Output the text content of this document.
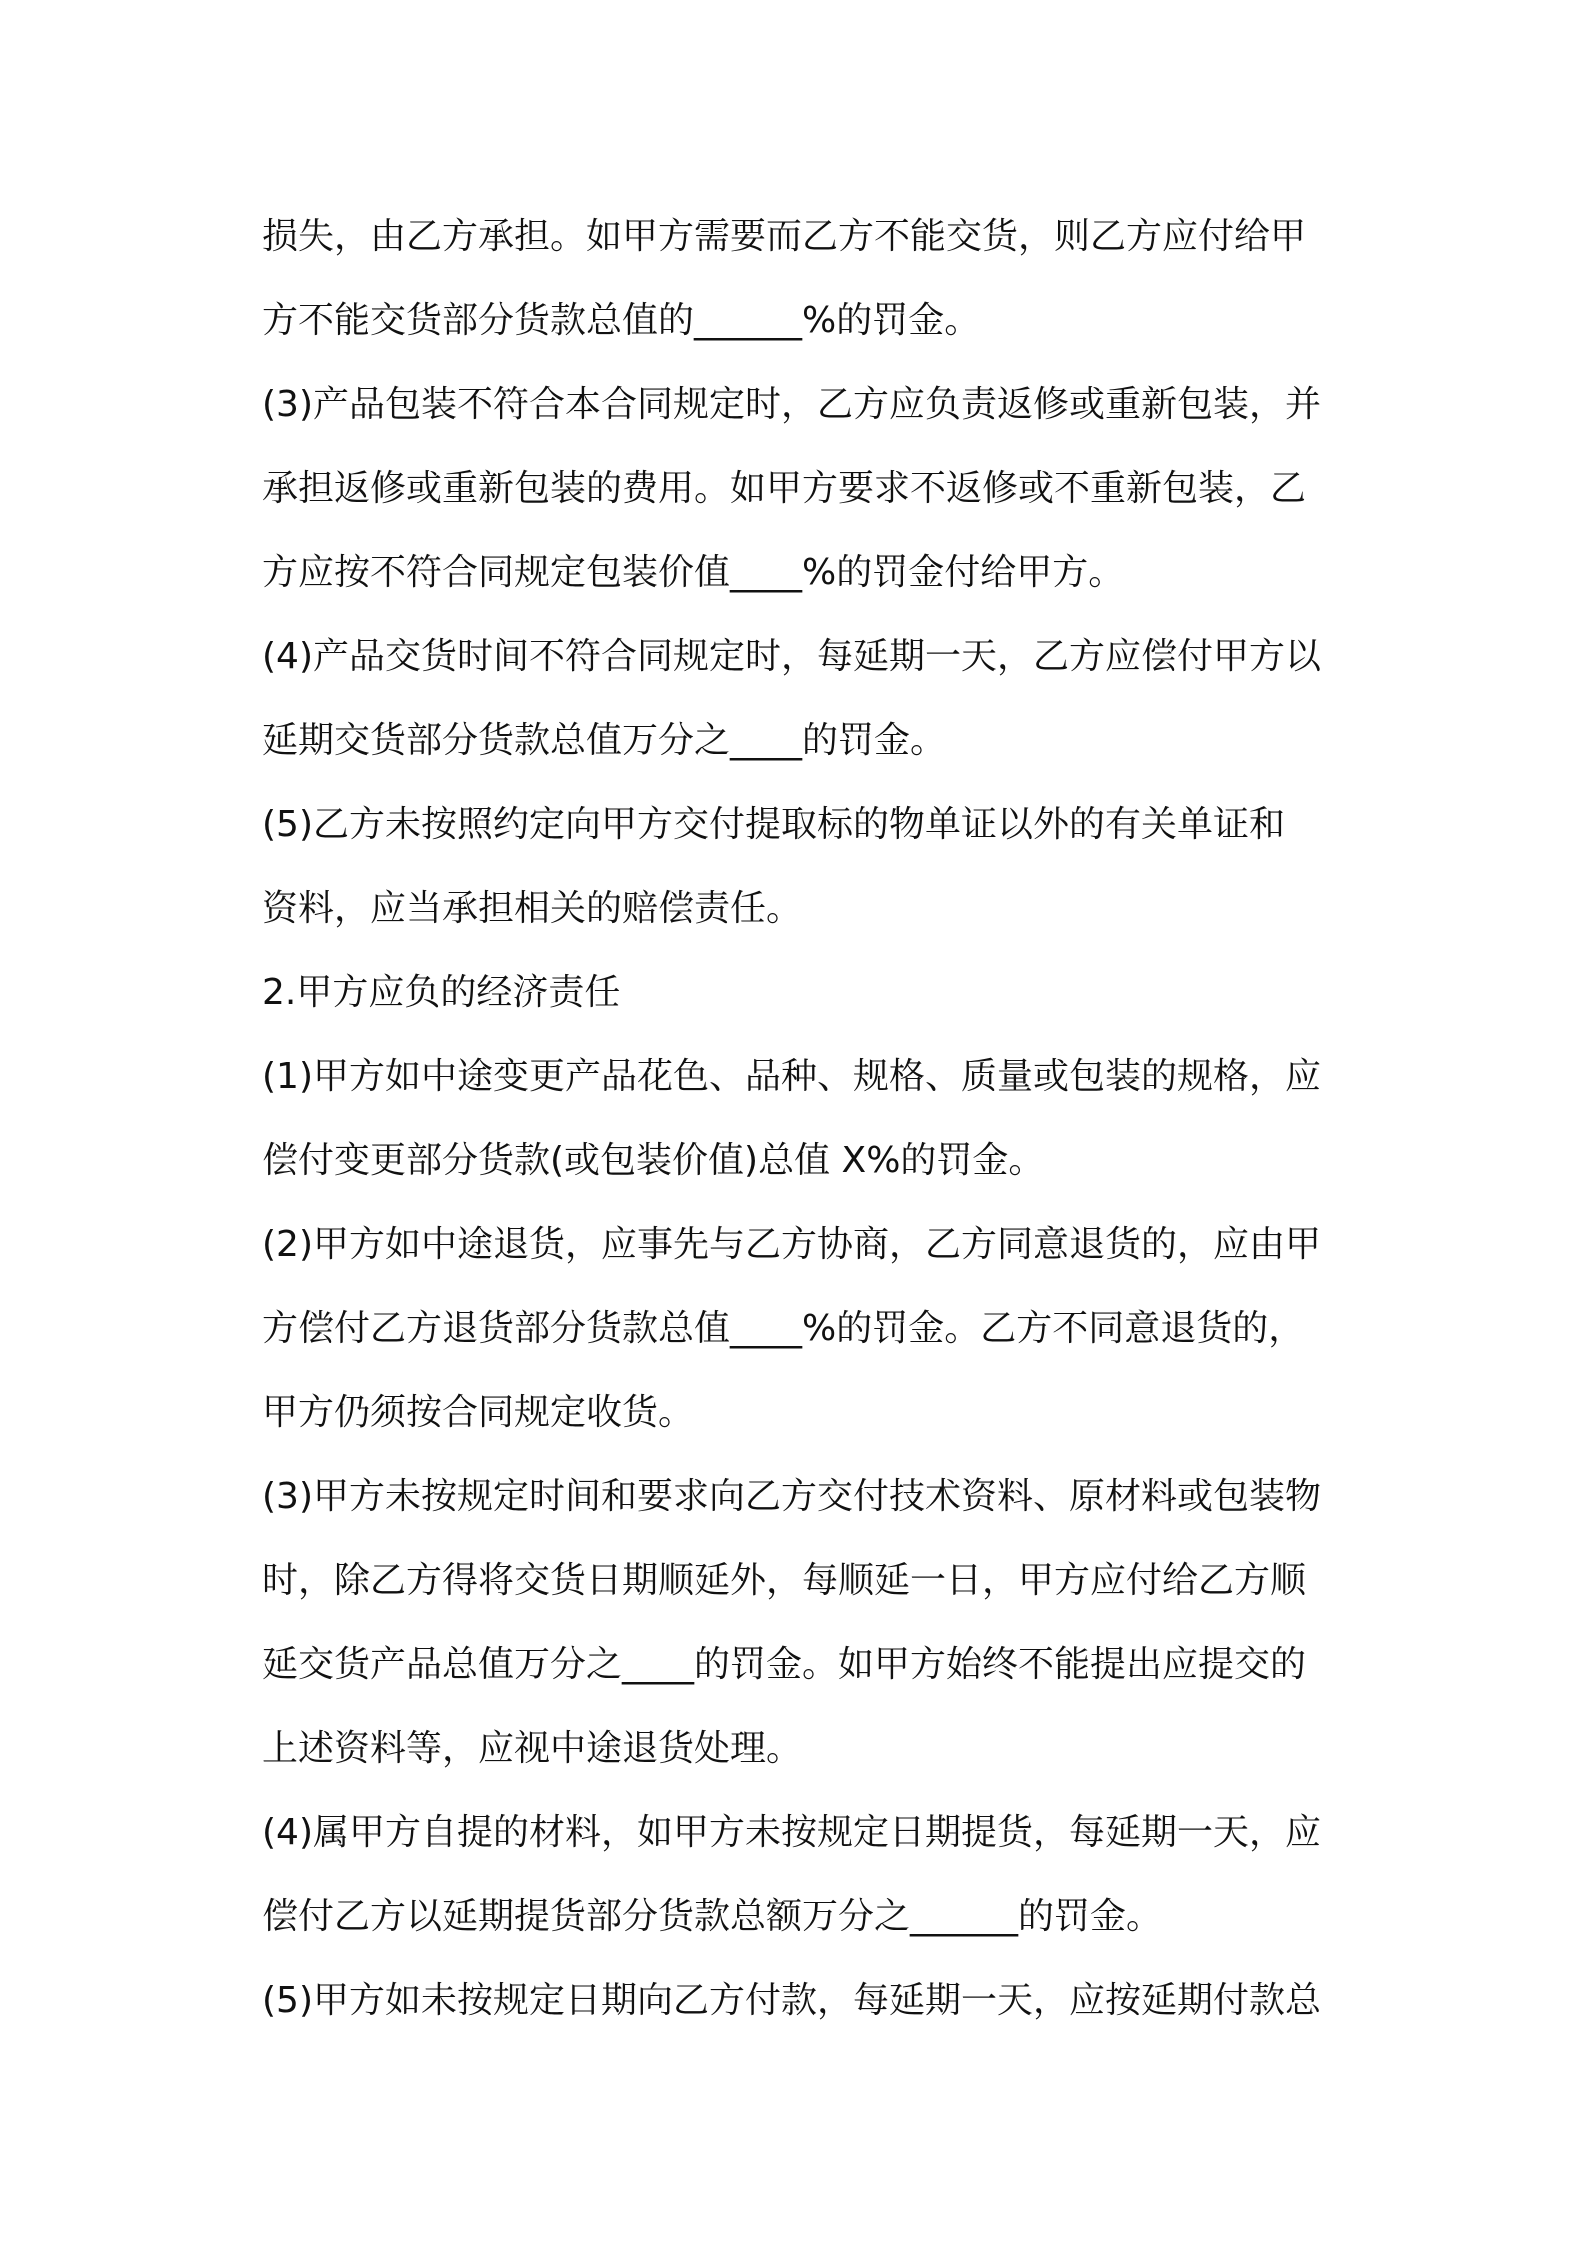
损失，由乙方承担。如甲方需要而乙方不能交货，则乙方应付给甲
方不能交货部分货款总值的______%的罚金。
(3)产品包装不符合本合同规定时，乙方应负责返修或重新包装，并
承担返修或重新包装的费用。如甲方要求不返修或不重新包装，乙
方应按不符合同规定包装价值____%的罚金付给甲方。
(4)产品交货时间不符合同规定时，每延期一天，乙方应偿付甲方以
延期交货部分货款总值万分之____的罚金。
(5)乙方未按照约定向甲方交付提取标的物单证以外的有关单证和
资料，应当承担相关的赔偿责任。
2.甲方应负的经济责任
(1)甲方如中途变更产品花色、品种、规格、质量或包装的规格，应
偿付变更部分货款(或包装价值)总值 X%的罚金。
(2)甲方如中途退货，应事先与乙方协商，乙方同意退货的，应由甲
方偿付乙方退货部分货款总值____%的罚金。乙方不同意退货的，
甲方仍须按合同规定收货。
(3)甲方未按规定时间和要求向乙方交付技术资料、原材料或包装物
时，除乙方得将交货日期顺延外，每顺延一日，甲方应付给乙方顺
延交货产品总值万分之____的罚金。如甲方始终不能提出应提交的
上述资料等，应视中途退货处理。
(4)属甲方自提的材料，如甲方未按规定日期提货，每延期一天，应
偿付乙方以延期提货部分货款总额万分之______的罚金。
(5)甲方如未按规定日期向乙方付款，每延期一天，应按延期付款总
